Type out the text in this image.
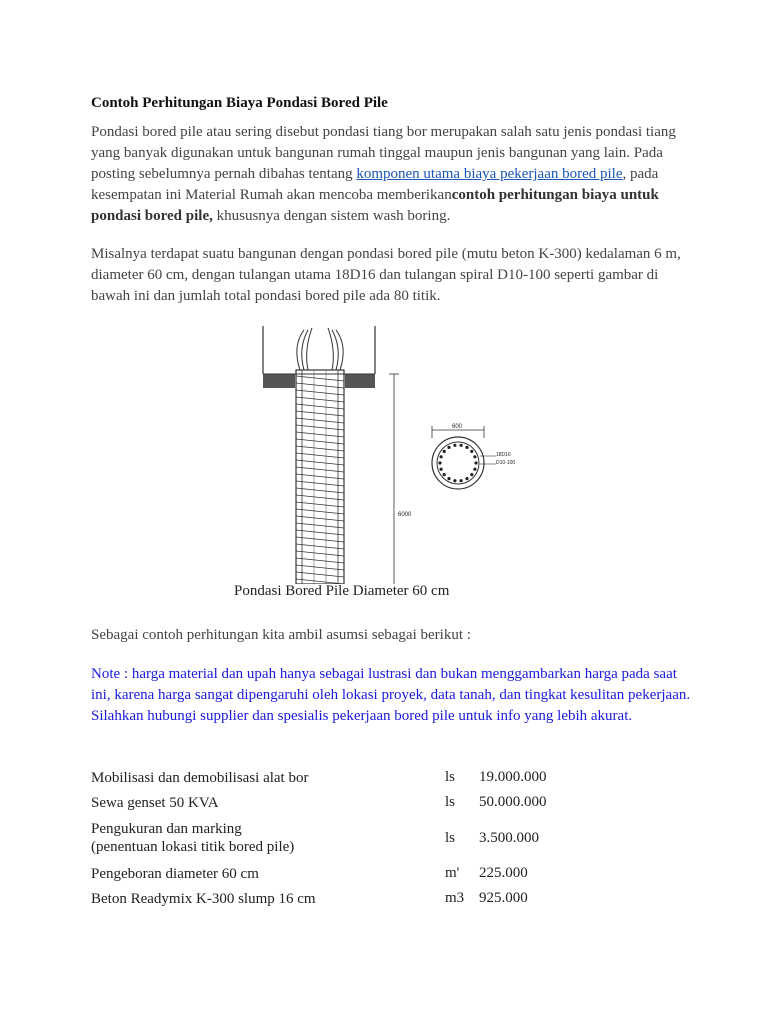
Contoh Perhitungan Biaya Pondasi Bored Pile

Pondasi bored pile atau sering disebut pondasi tiang bor merupakan salah satu jenis pondasi tiang yang banyak digunakan untuk bangunan rumah tinggal maupun jenis bangunan yang lain. Pada posting sebelumnya pernah dibahas tentang komponen utama biaya pekerjaan bored pile, pada kesempatan ini Material Rumah akan mencoba memberikancontoh perhitungan biaya untuk pondasi bored pile, khususnya dengan sistem wash boring.

Misalnya terdapat suatu bangunan dengan pondasi bored pile (mutu beton K-300) kedalaman 6 m, diameter 60 cm, dengan tulangan utama 18D16 dan tulangan spiral D10-100 seperti gambar di bawah ini dan jumlah total pondasi bored pile ada 80 titik.

6000
600
18D16
D10-100

Pondasi Bored Pile Diameter 60 cm

Sebagai contoh perhitungan kita ambil asumsi sebagai berikut :

Note : harga material dan upah hanya sebagai lustrasi dan bukan menggambarkan harga pada saat ini, karena harga sangat dipengaruhi oleh lokasi proyek, data tanah, dan tingkat kesulitan pekerjaan. Silahkan hubungi supplier dan spesialis pekerjaan bored pile untuk info yang lebih akurat.

Mobilisasi dan demobilisasi alat bor	ls	19.000.000
Sewa genset 50 KVA	ls	50.000.000
Pengukuran dan marking
(penentuan lokasi titik bored pile)	ls	3.500.000
Pengeboran diameter 60 cm	m'	225.000
Beton Readymix K-300 slump 16 cm	m3	925.000
